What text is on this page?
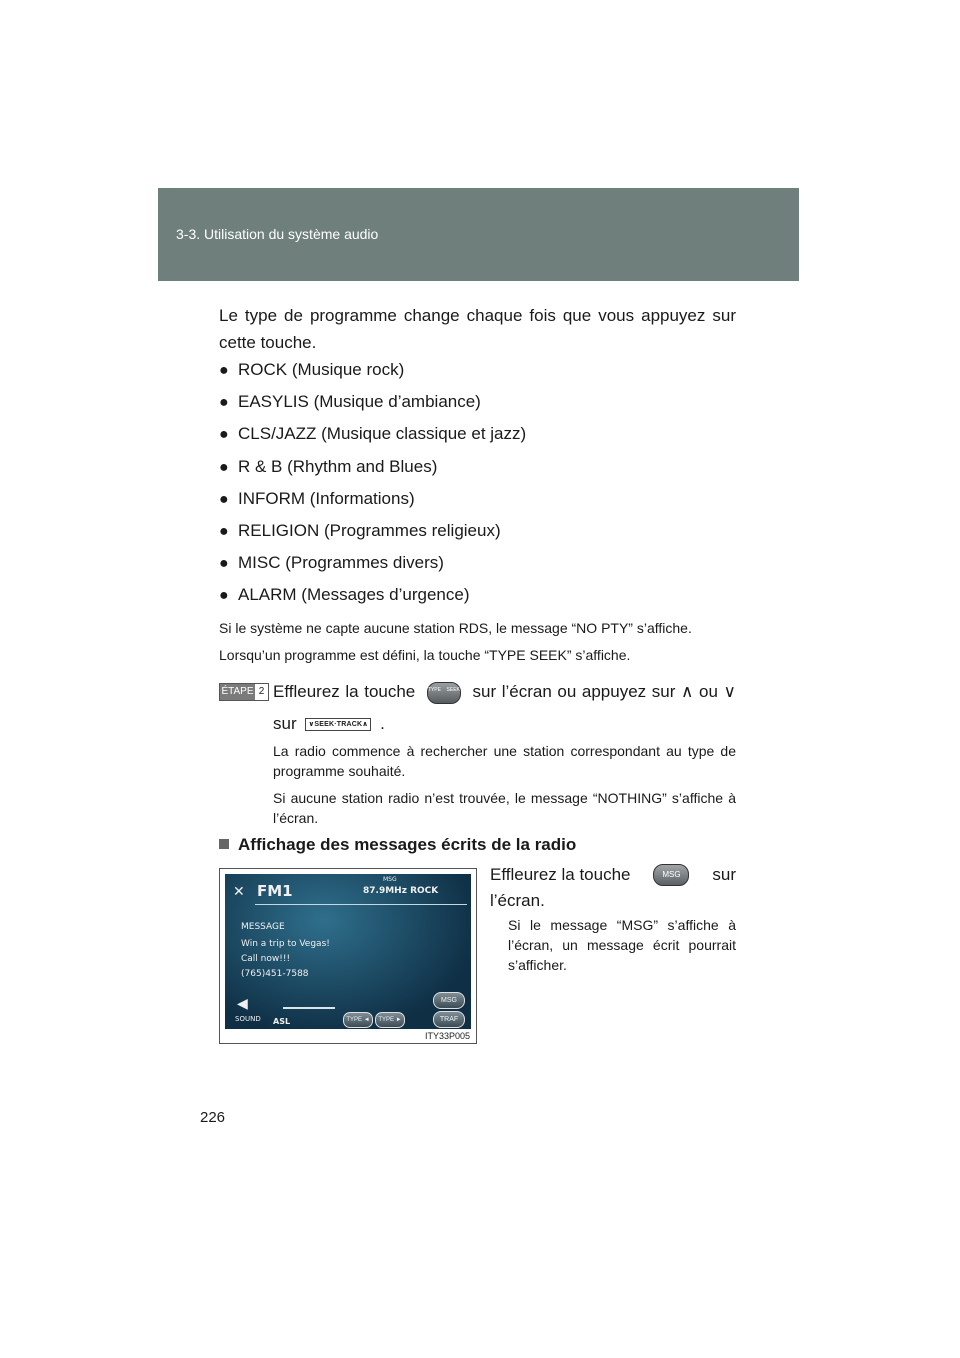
3-3. Utilisation du système audio
Le type de programme change chaque fois que vous appuyez sur cette touche.
● ROCK (Musique rock)
● EASYLIS (Musique d’ambiance)
● CLS/JAZZ (Musique classique et jazz)
● R & B (Rhythm and Blues)
● INFORM (Informations)
● RELIGION (Programmes religieux)
● MISC (Programmes divers)
● ALARM (Messages d’urgence)
Si le système ne capte aucune station RDS, le message “NO PTY” s’affiche.
Lorsqu’un programme est défini, la touche “TYPE SEEK” s’affiche.
ÉTAPE 2 Effleurez la touche	TYPE SEEK sur l’écran ou appuyez sur ∧ ou ∨
sur ∨SEEK·TRACK∧ .
La radio commence à rechercher une station correspondant au type de programme souhaité.
Si aucune station radio n’est trouvée, le message “NOTHING” s’affiche à l’écran.
Affichage des messages écrits de la radio
✕ FM1
MSG
87.9MHz ROCK
MESSAGE
Win a trip to Vegas!
Call now!!!
(765)451-7588
◀
SOUND ASL	TYPE ◄	TYPE ►
MSG
TRAF
ITY33P005
Effleurez la touche	MSG	sur
l’écran.
Si le message “MSG” s’affiche à l’écran, un message écrit pourrait s’afficher.
226
